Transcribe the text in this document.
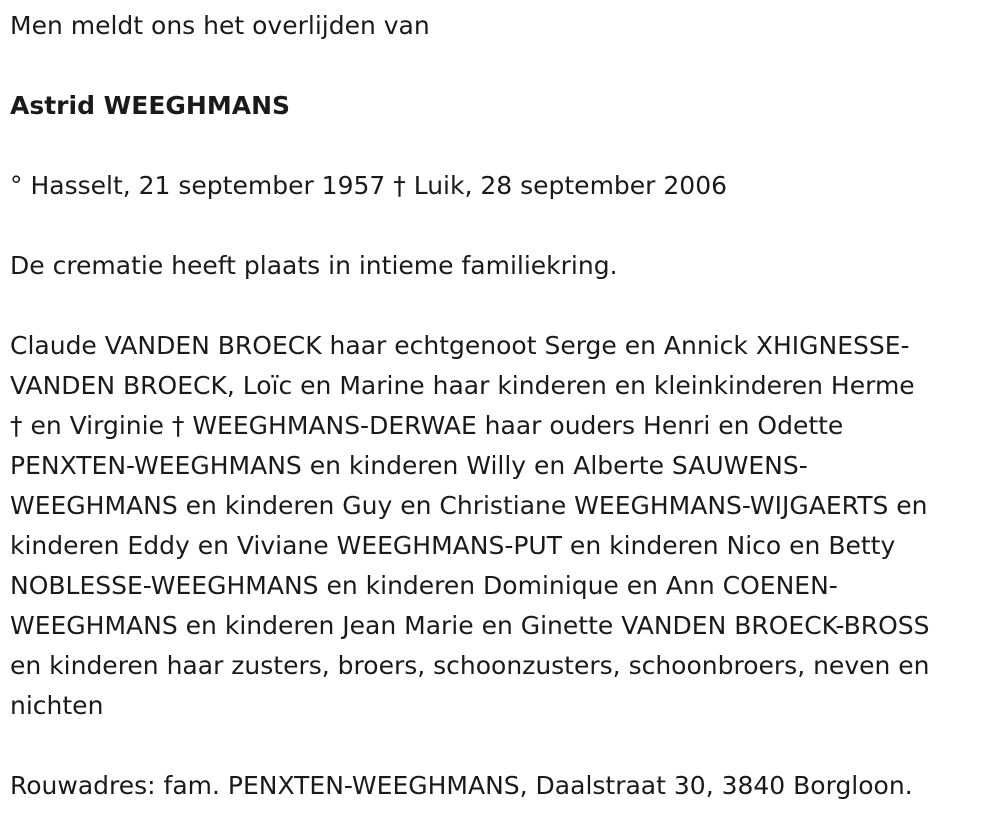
Men meldt ons het overlijden van
Astrid WEEGHMANS
° Hasselt, 21 september 1957 † Luik, 28 september 2006
De crematie heeft plaats in intieme familiekring.
Claude VANDEN BROECK haar echtgenoot Serge en Annick XHIGNESSE-
VANDEN BROECK, Loïc en Marine haar kinderen en kleinkinderen Herme
† en Virginie † WEEGHMANS-DERWAE haar ouders Henri en Odette
PENXTEN-WEEGHMANS en kinderen Willy en Alberte SAUWENS-
WEEGHMANS en kinderen Guy en Christiane WEEGHMANS-WIJGAERTS en
kinderen Eddy en Viviane WEEGHMANS-PUT en kinderen Nico en Betty
NOBLESSE-WEEGHMANS en kinderen Dominique en Ann COENEN-
WEEGHMANS en kinderen Jean Marie en Ginette VANDEN BROECK-BROSS
en kinderen haar zusters, broers, schoonzusters, schoonbroers, neven en
nichten
Rouwadres: fam. PENXTEN-WEEGHMANS, Daalstraat 30, 3840 Borgloon.
